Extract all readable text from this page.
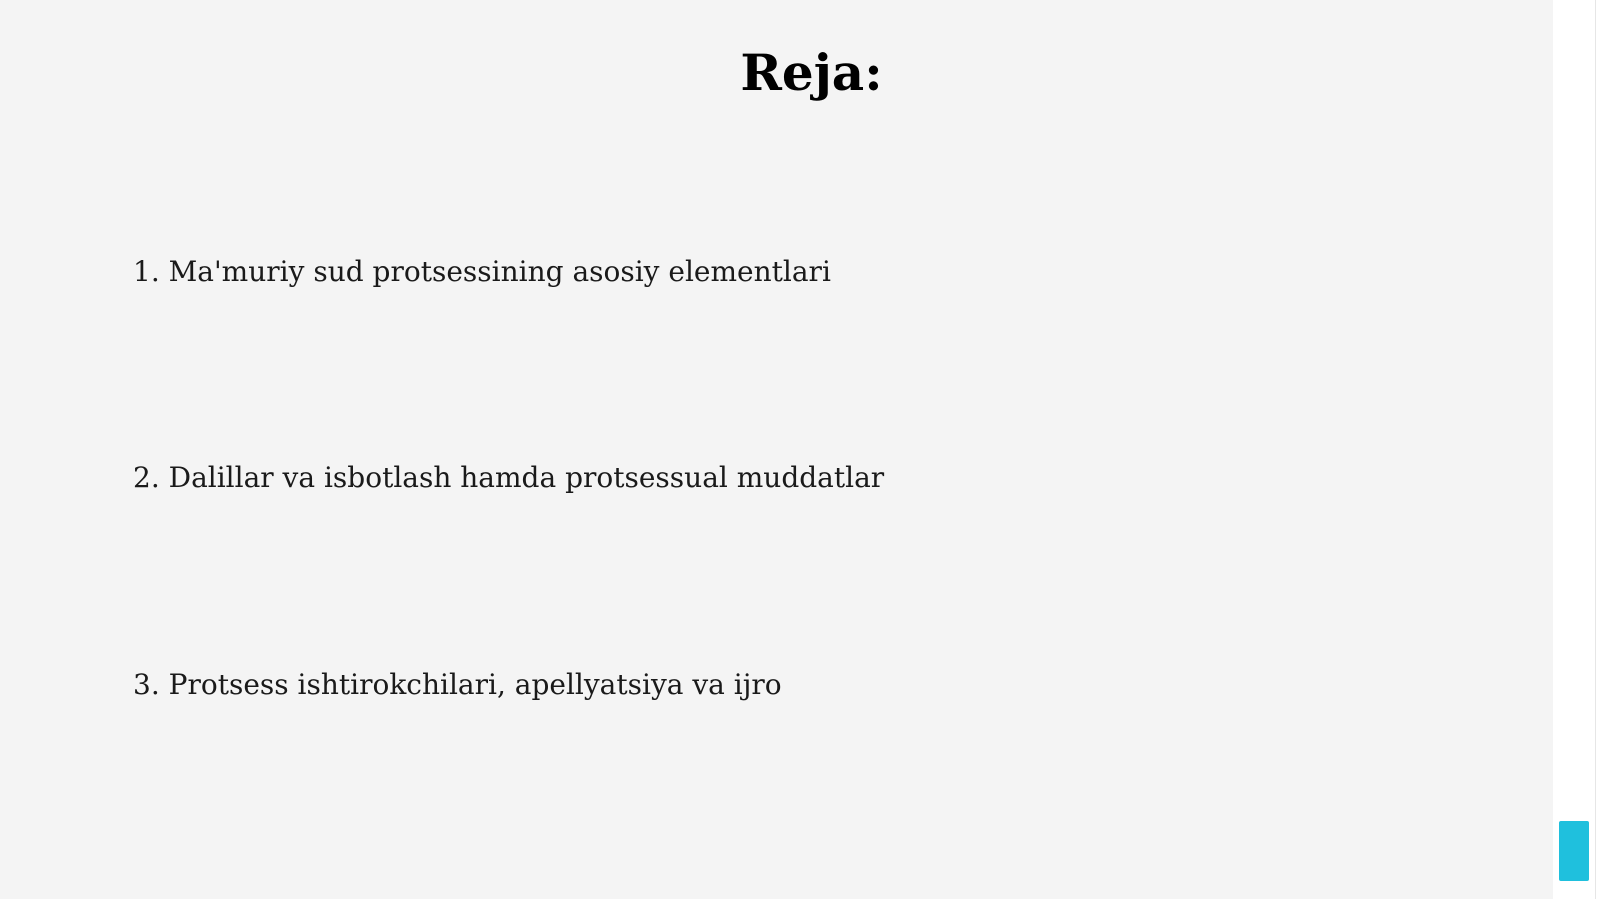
Reja:

1. Ma'muriy sud protsessining asosiy elementlari

2. Dalillar va isbotlash hamda protsessual muddatlar

3. Protsess ishtirokchilari, apellyatsiya va ijro
